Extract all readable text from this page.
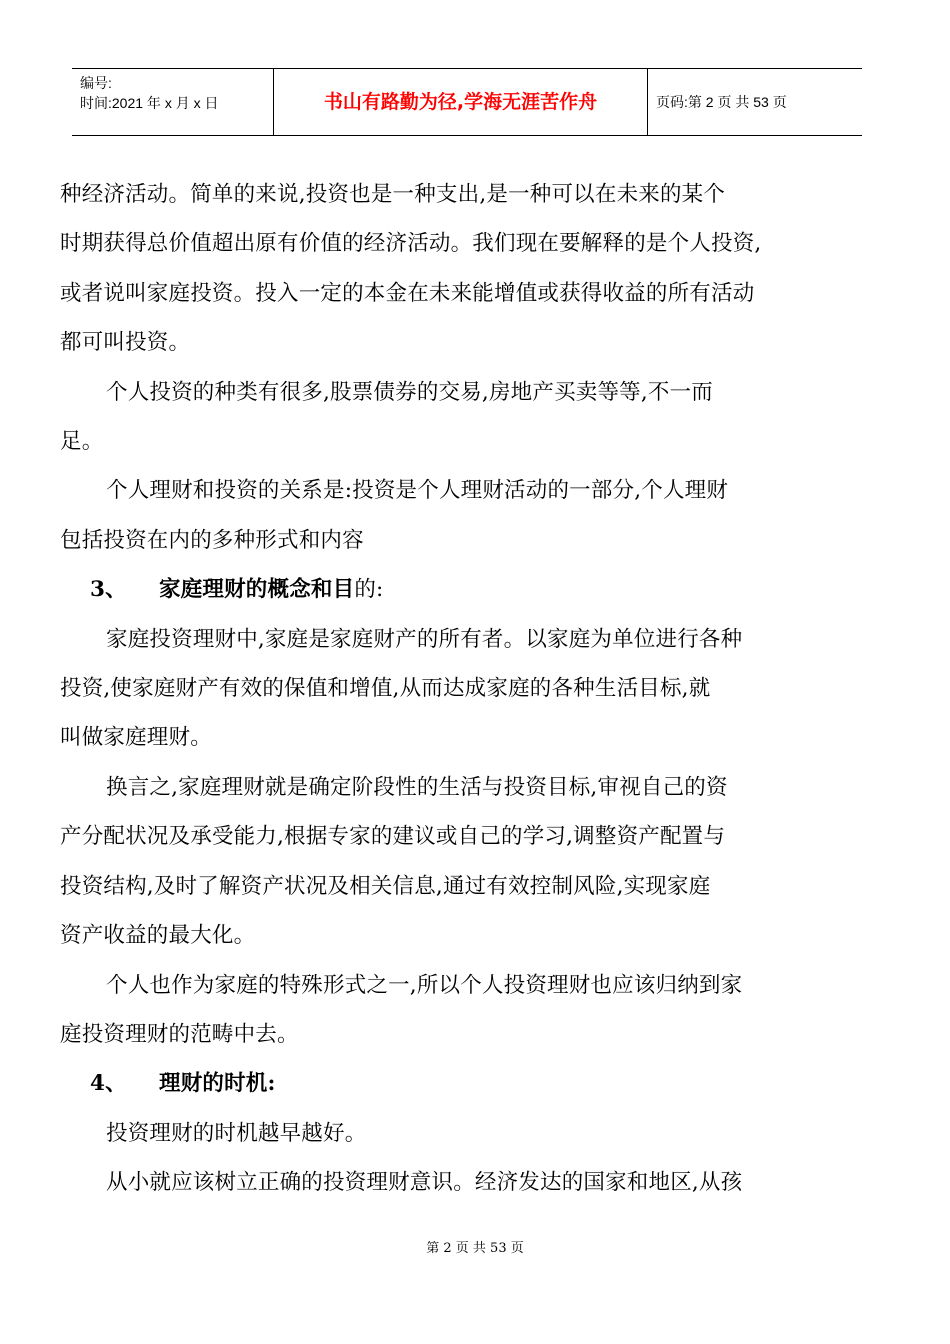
编号:
时间:2021 年 x 月 x 日	书山有路勤为径,学海无涯苦作舟	页码:第 2 页 共 53 页

种经济活动。简单的来说,投资也是一种支出,是一种可以在未来的某个

时期获得总价值超出原有价值的经济活动。我们现在要解释的是个人投资,

或者说叫家庭投资。投入一定的本金在未来能增值或获得收益的所有活动

都可叫投资。

个人投资的种类有很多,股票债券的交易,房地产买卖等等,不一而

足。

个人理财和投资的关系是:投资是个人理财活动的一部分,个人理财

包括投资在内的多种形式和内容

3、 家庭理财的概念和目的:

家庭投资理财中,家庭是家庭财产的所有者。以家庭为单位进行各种

投资,使家庭财产有效的保值和增值,从而达成家庭的各种生活目标,就

叫做家庭理财。

换言之,家庭理财就是确定阶段性的生活与投资目标,审视自己的资

产分配状况及承受能力,根据专家的建议或自己的学习,调整资产配置与

投资结构,及时了解资产状况及相关信息,通过有效控制风险,实现家庭

资产收益的最大化。

个人也作为家庭的特殊形式之一,所以个人投资理财也应该归纳到家

庭投资理财的范畴中去。

4、 理财的时机:

投资理财的时机越早越好。

从小就应该树立正确的投资理财意识。经济发达的国家和地区,从孩

第 2 页 共 53 页
